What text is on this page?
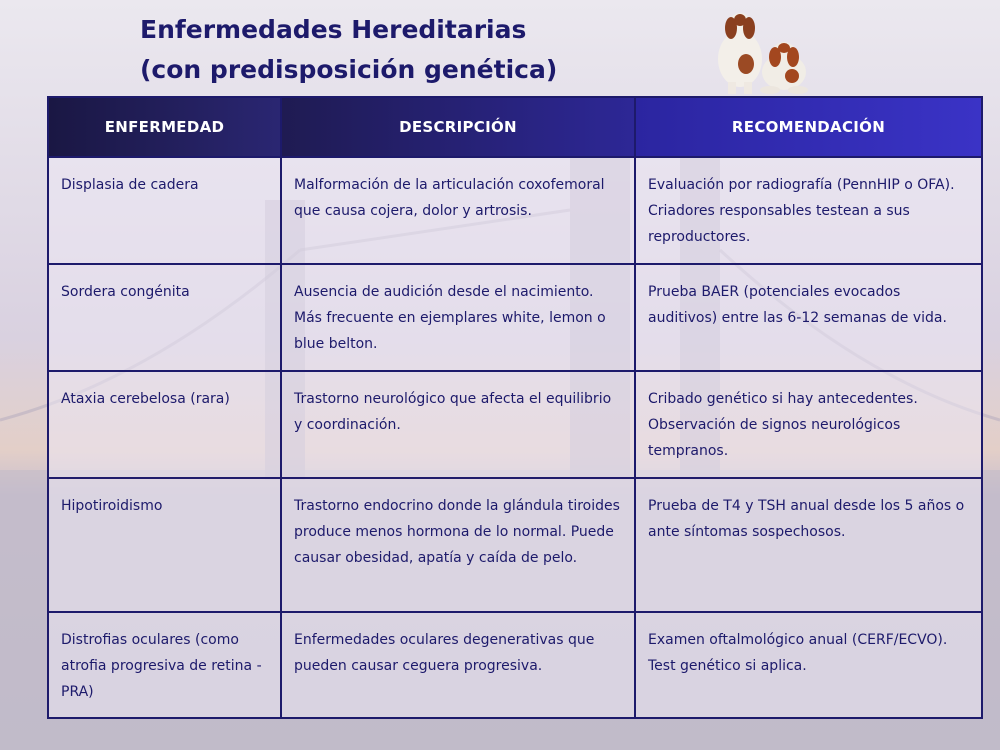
Enfermedades Hereditarias
(con predisposición genética)
ENFERMEDAD	DESCRIPCIÓN	RECOMENDACIÓN
Displasia de cadera	Malformación de la articulación coxofemoral que causa cojera, dolor y artrosis.	Evaluación por radiografía (PennHIP o OFA). Criadores responsables testean a sus reproductores.
Sordera congénita	Ausencia de audición desde el nacimiento. Más frecuente en ejemplares white, lemon o blue belton.	Prueba BAER (potenciales evocados auditivos) entre las 6-12 semanas de vida.
Ataxia cerebelosa (rara)	Trastorno neurológico que afecta el equilibrio y coordinación.	Cribado genético si hay antecedentes. Observación de signos neurológicos tempranos.
Hipotiroidismo	Trastorno endocrino donde la glándula tiroides produce menos hormona de lo normal. Puede causar obesidad, apatía y caída de pelo.	Prueba de T4 y TSH anual desde los 5 años o ante síntomas sospechosos.
Distrofias oculares (como atrofia progresiva de retina - PRA)	Enfermedades oculares degenerativas que pueden causar ceguera progresiva.	Examen oftalmológico anual (CERF/ECVO). Test genético si aplica.
